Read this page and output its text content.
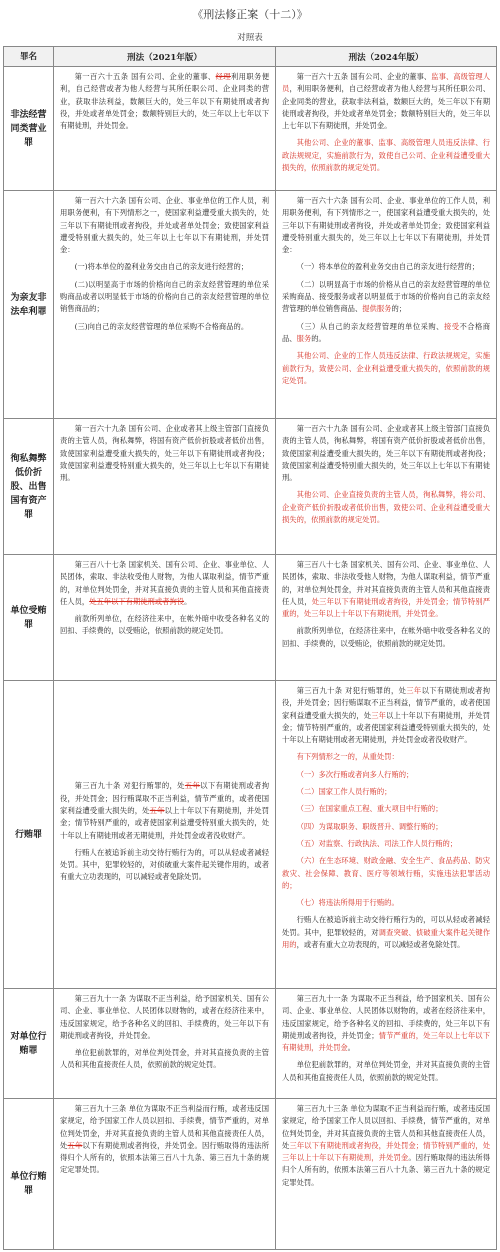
《刑法修正案（十二）》
对照表
罪名	刑法（2021年版）	刑法（2024年版）
非法经营同类营业罪

第一百六十五条 国有公司、企业的董事、经理利用职务便利，自己经营或者为他人经营与其所任职公司、企业同类的营业，获取非法利益，数额巨大的，处三年以下有期徒刑或者拘役，并处或者单处罚金；数额特别巨大的，处三年以上七年以下有期徒刑，并处罚金。

第一百六十五条 国有公司、企业的董事、监事、高级管理人员，利用职务便利，自己经营或者为他人经营与其所任职公司、企业同类的营业，获取非法利益，数额巨大的，处三年以下有期徒刑或者拘役，并处或者单处罚金；数额特别巨大的，处三年以上七年以下有期徒刑，并处罚金。

其他公司、企业的董事、监事、高级管理人员违反法律、行政法规规定，实施前款行为，致使自己公司、企业利益遭受重大损失的，依照前款的规定处罚。

为亲友非法牟利罪

第一百六十六条 国有公司、企业、事业单位的工作人员，利用职务便利，有下列情形之一，使国家利益遭受重大损失的，处三年以下有期徒刑或者拘役，并处或者单处罚金；致使国家利益遭受特别重大损失的，处三年以上七年以下有期徒刑，并处罚金：

(一)将本单位的盈利业务交由自己的亲友进行经营的；

(二)以明显高于市场的价格向自己的亲友经营管理的单位采购商品或者以明显低于市场的价格向自己的亲友经营管理的单位销售商品的；

(三)向自己的亲友经营管理的单位采购不合格商品的。

第一百六十六条 国有公司、企业、事业单位的工作人员，利用职务便利，有下列情形之一，使国家利益遭受重大损失的，处三年以下有期徒刑或者拘役，并处或者单处罚金；致使国家利益遭受特别重大损失的，处三年以上七年以下有期徒刑，并处罚金：

（一）将本单位的盈利业务交由自己的亲友进行经营的；

（二）以明显高于市场的价格从自己的亲友经营管理的单位采购商品、接受服务或者以明显低于市场的价格向自己的亲友经营管理的单位销售商品、提供服务的；

（三）从自己的亲友经营管理的单位采购、接受不合格商品、服务的。

其他公司、企业的工作人员违反法律、行政法规规定，实施前款行为，致使公司、企业利益遭受重大损失的，依照前款的规定处罚。

徇私舞弊低价折股、出售国有资产罪

第一百六十九条 国有公司、企业或者其上级主管部门直接负责的主管人员，徇私舞弊，将国有资产低价折股或者低价出售，致使国家利益遭受重大损失的，处三年以下有期徒刑或者拘役；致使国家利益遭受特别重大损失的，处三年以上七年以下有期徒刑。

第一百六十九条 国有公司、企业或者其上级主管部门直接负责的主管人员，徇私舞弊，将国有资产低价折股或者低价出售，致使国家利益遭受重大损失的，处三年以下有期徒刑或者拘役；致使国家利益遭受特别重大损失的，处三年以上七年以下有期徒刑。

其他公司、企业直接负责的主管人员，徇私舞弊，将公司、企业资产低价折股或者低价出售，致使公司、企业利益遭受重大损失的，依照前款的规定处罚。

单位受贿罪

第三百八十七条 国家机关、国有公司、企业、事业单位、人民团体，索取、非法收受他人财物，为他人谋取利益，情节严重的，对单位判处罚金，并对其直接负责的主管人员和其他直接责任人员，处五年以下有期徒刑或者拘役。

前款所列单位，在经济往来中，在帐外暗中收受各种名义的回扣、手续费的，以受贿论，依照前款的规定处罚。

第三百八十七条 国家机关、国有公司、企业、事业单位、人民团体，索取、非法收受他人财物，为他人谋取利益，情节严重的，对单位判处罚金，并对其直接负责的主管人员和其他直接责任人员，处三年以下有期徒刑或者拘役，并处罚金；情节特别严重的，处三年以上十年以下有期徒刑，并处罚金。

前款所列单位，在经济往来中，在帐外暗中收受各种名义的回扣、手续费的，以受贿论，依照前款的规定处罚。

行贿罪

第三百九十条 对犯行贿罪的，处五年以下有期徒刑或者拘役，并处罚金；因行贿谋取不正当利益，情节严重的，或者使国家利益遭受重大损失的，处五年以上十年以下有期徒刑，并处罚金；情节特别严重的，或者使国家利益遭受特别重大损失的，处十年以上有期徒刑或者无期徒刑，并处罚金或者没收财产。

行贿人在被追诉前主动交待行贿行为的，可以从轻或者减轻处罚。其中，犯罪较轻的，对侦破重大案件起关键作用的，或者有重大立功表现的，可以减轻或者免除处罚。

第三百九十条 对犯行贿罪的，处三年以下有期徒刑或者拘役，并处罚金；因行贿谋取不正当利益，情节严重的，或者使国家利益遭受重大损失的，处三年以上十年以下有期徒刑，并处罚金；情节特别严重的，或者使国家利益遭受特别重大损失的，处十年以上有期徒刑或者无期徒刑，并处罚金或者没收财产。

有下列情形之一的，从重处罚：

（一）多次行贿或者向多人行贿的；

（二）国家工作人员行贿的；

（三）在国家重点工程、重大项目中行贿的；

（四）为谋取职务、职级晋升、调整行贿的；

（五）对监察、行政执法、司法工作人员行贿的；

（六）在生态环境、财政金融、安全生产、食品药品、防灾救灾、社会保障、教育、医疗等领域行贿，实施违法犯罪活动的；

（七）将违法所得用于行贿的。

行贿人在被追诉前主动交待行贿行为的，可以从轻或者减轻处罚。其中，犯罪较轻的，对调查突破、侦破重大案件起关键作用的，或者有重大立功表现的，可以减轻或者免除处罚。

对单位行贿罪

第三百九十一条 为谋取不正当利益，给予国家机关、国有公司、企业、事业单位、人民团体以财物的，或者在经济往来中，违反国家规定，给予各种名义的回扣、手续费的，处三年以下有期徒刑或者拘役，并处罚金。

单位犯前款罪的，对单位判处罚金，并对其直接负责的主管人员和其他直接责任人员，依照前款的规定处罚。

第三百九十一条 为谋取不正当利益，给予国家机关、国有公司、企业、事业单位、人民团体以财物的，或者在经济往来中，违反国家规定，给予各种名义的回扣、手续费的，处三年以下有期徒刑或者拘役，并处罚金；情节严重的，处三年以上七年以下有期徒刑，并处罚金。

单位犯前款罪的，对单位判处罚金，并对其直接负责的主管人员和其他直接责任人员，依照前款的规定处罚。

单位行贿罪

第三百九十三条 单位为谋取不正当利益而行贿，或者违反国家规定，给予国家工作人员以回扣、手续费，情节严重的，对单位判处罚金，并对其直接负责的主管人员和其他直接责任人员，处五年以下有期徒刑或者拘役，并处罚金。因行贿取得的违法所得归个人所有的，依照本法第三百八十九条、第三百九十条的规定定罪处罚。

第三百九十三条 单位为谋取不正当利益而行贿，或者违反国家规定，给予国家工作人员以回扣、手续费，情节严重的，对单位判处罚金，并对其直接负责的主管人员和其他直接责任人员，处三年以下有期徒刑或者拘役，并处罚金；情节特别严重的，处三年以上十年以下有期徒刑，并处罚金。因行贿取得的违法所得归个人所有的，依照本法第三百八十九条、第三百九十条的规定定罪处罚。
